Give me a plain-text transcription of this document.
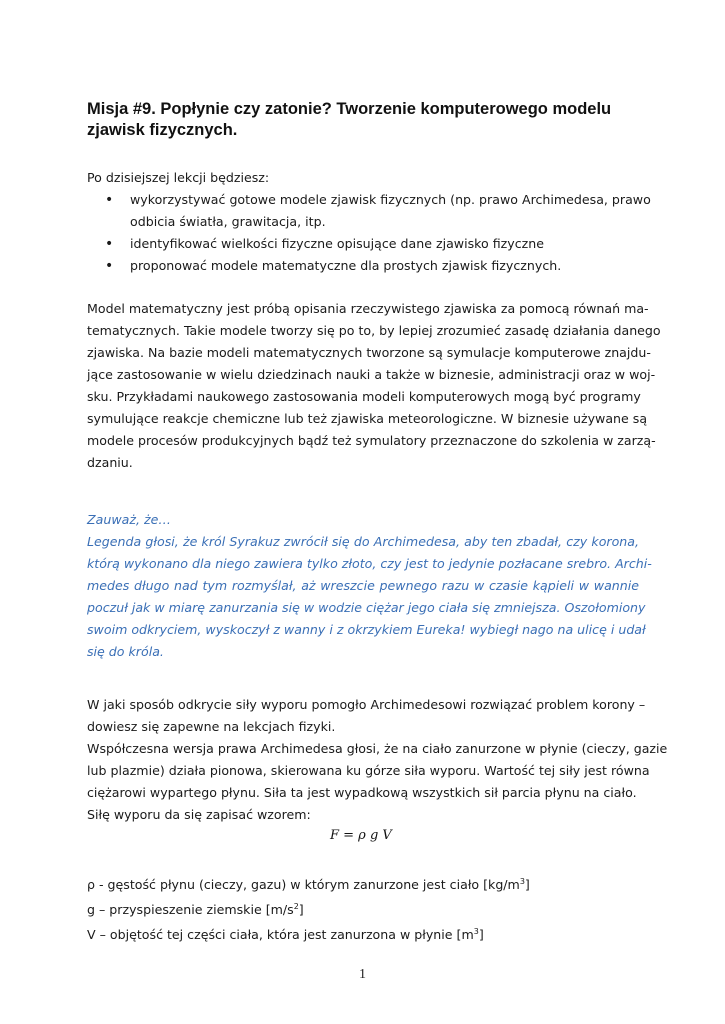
Misja #9. Popłynie czy zatonie? Tworzenie komputerowego modelu
zjawisk fizycznych.
Po dzisiejszej lekcji będziesz:
• wykorzystywać gotowe modele zjawisk fizycznych (np. prawo Archimedesa, prawo
odbicia światła, grawitacja, itp.
• identyfikować wielkości fizyczne opisujące dane zjawisko fizyczne
• proponować modele matematyczne dla prostych zjawisk fizycznych.
Model matematyczny jest próbą opisania rzeczywistego zjawiska za pomocą równań ma-
tematycznych. Takie modele tworzy się po to, by lepiej zrozumieć zasadę działania danego
zjawiska. Na bazie modeli matematycznych tworzone są symulacje komputerowe znajdu-
jące zastosowanie w wielu dziedzinach nauki a także w biznesie, administracji oraz w woj-
sku. Przykładami naukowego zastosowania modeli komputerowych mogą być programy
symulujące reakcje chemiczne lub też zjawiska meteorologiczne. W biznesie używane są
modele procesów produkcyjnych bądź też symulatory przeznaczone do szkolenia w zarzą-
dzaniu.
Zauważ, że…
Legenda głosi, że król Syrakuz zwrócił się do Archimedesa, aby ten zbadał, czy korona,
którą wykonano dla niego zawiera tylko złoto, czy jest to jedynie pozłacane srebro. Archi-
medes długo nad tym rozmyślał, aż wreszcie pewnego razu w czasie kąpieli w wannie
poczuł jak w miarę zanurzania się w wodzie ciężar jego ciała się zmniejsza. Oszołomiony
swoim odkryciem, wyskoczył z wanny i z okrzykiem Eureka! wybiegł nago na ulicę i udał
się do króla.
W jaki sposób odkrycie siły wyporu pomogło Archimedesowi rozwiązać problem korony –
dowiesz się zapewne na lekcjach fizyki.
Współczesna wersja prawa Archimedesa głosi, że na ciało zanurzone w płynie (cieczy, gazie
lub plazmie) działa pionowa, skierowana ku górze siła wyporu. Wartość tej siły jest równa
ciężarowi wypartego płynu. Siła ta jest wypadkową wszystkich sił parcia płynu na ciało.
Siłę wyporu da się zapisać wzorem:
F = ρ g V
ρ - gęstość płynu (cieczy, gazu) w którym zanurzone jest ciało $[kg/m^3]$
g – przyspieszenie ziemskie $[m/s^2]$
V – objętość tej części ciała, która jest zanurzona w płynie $[m^3]$
1
